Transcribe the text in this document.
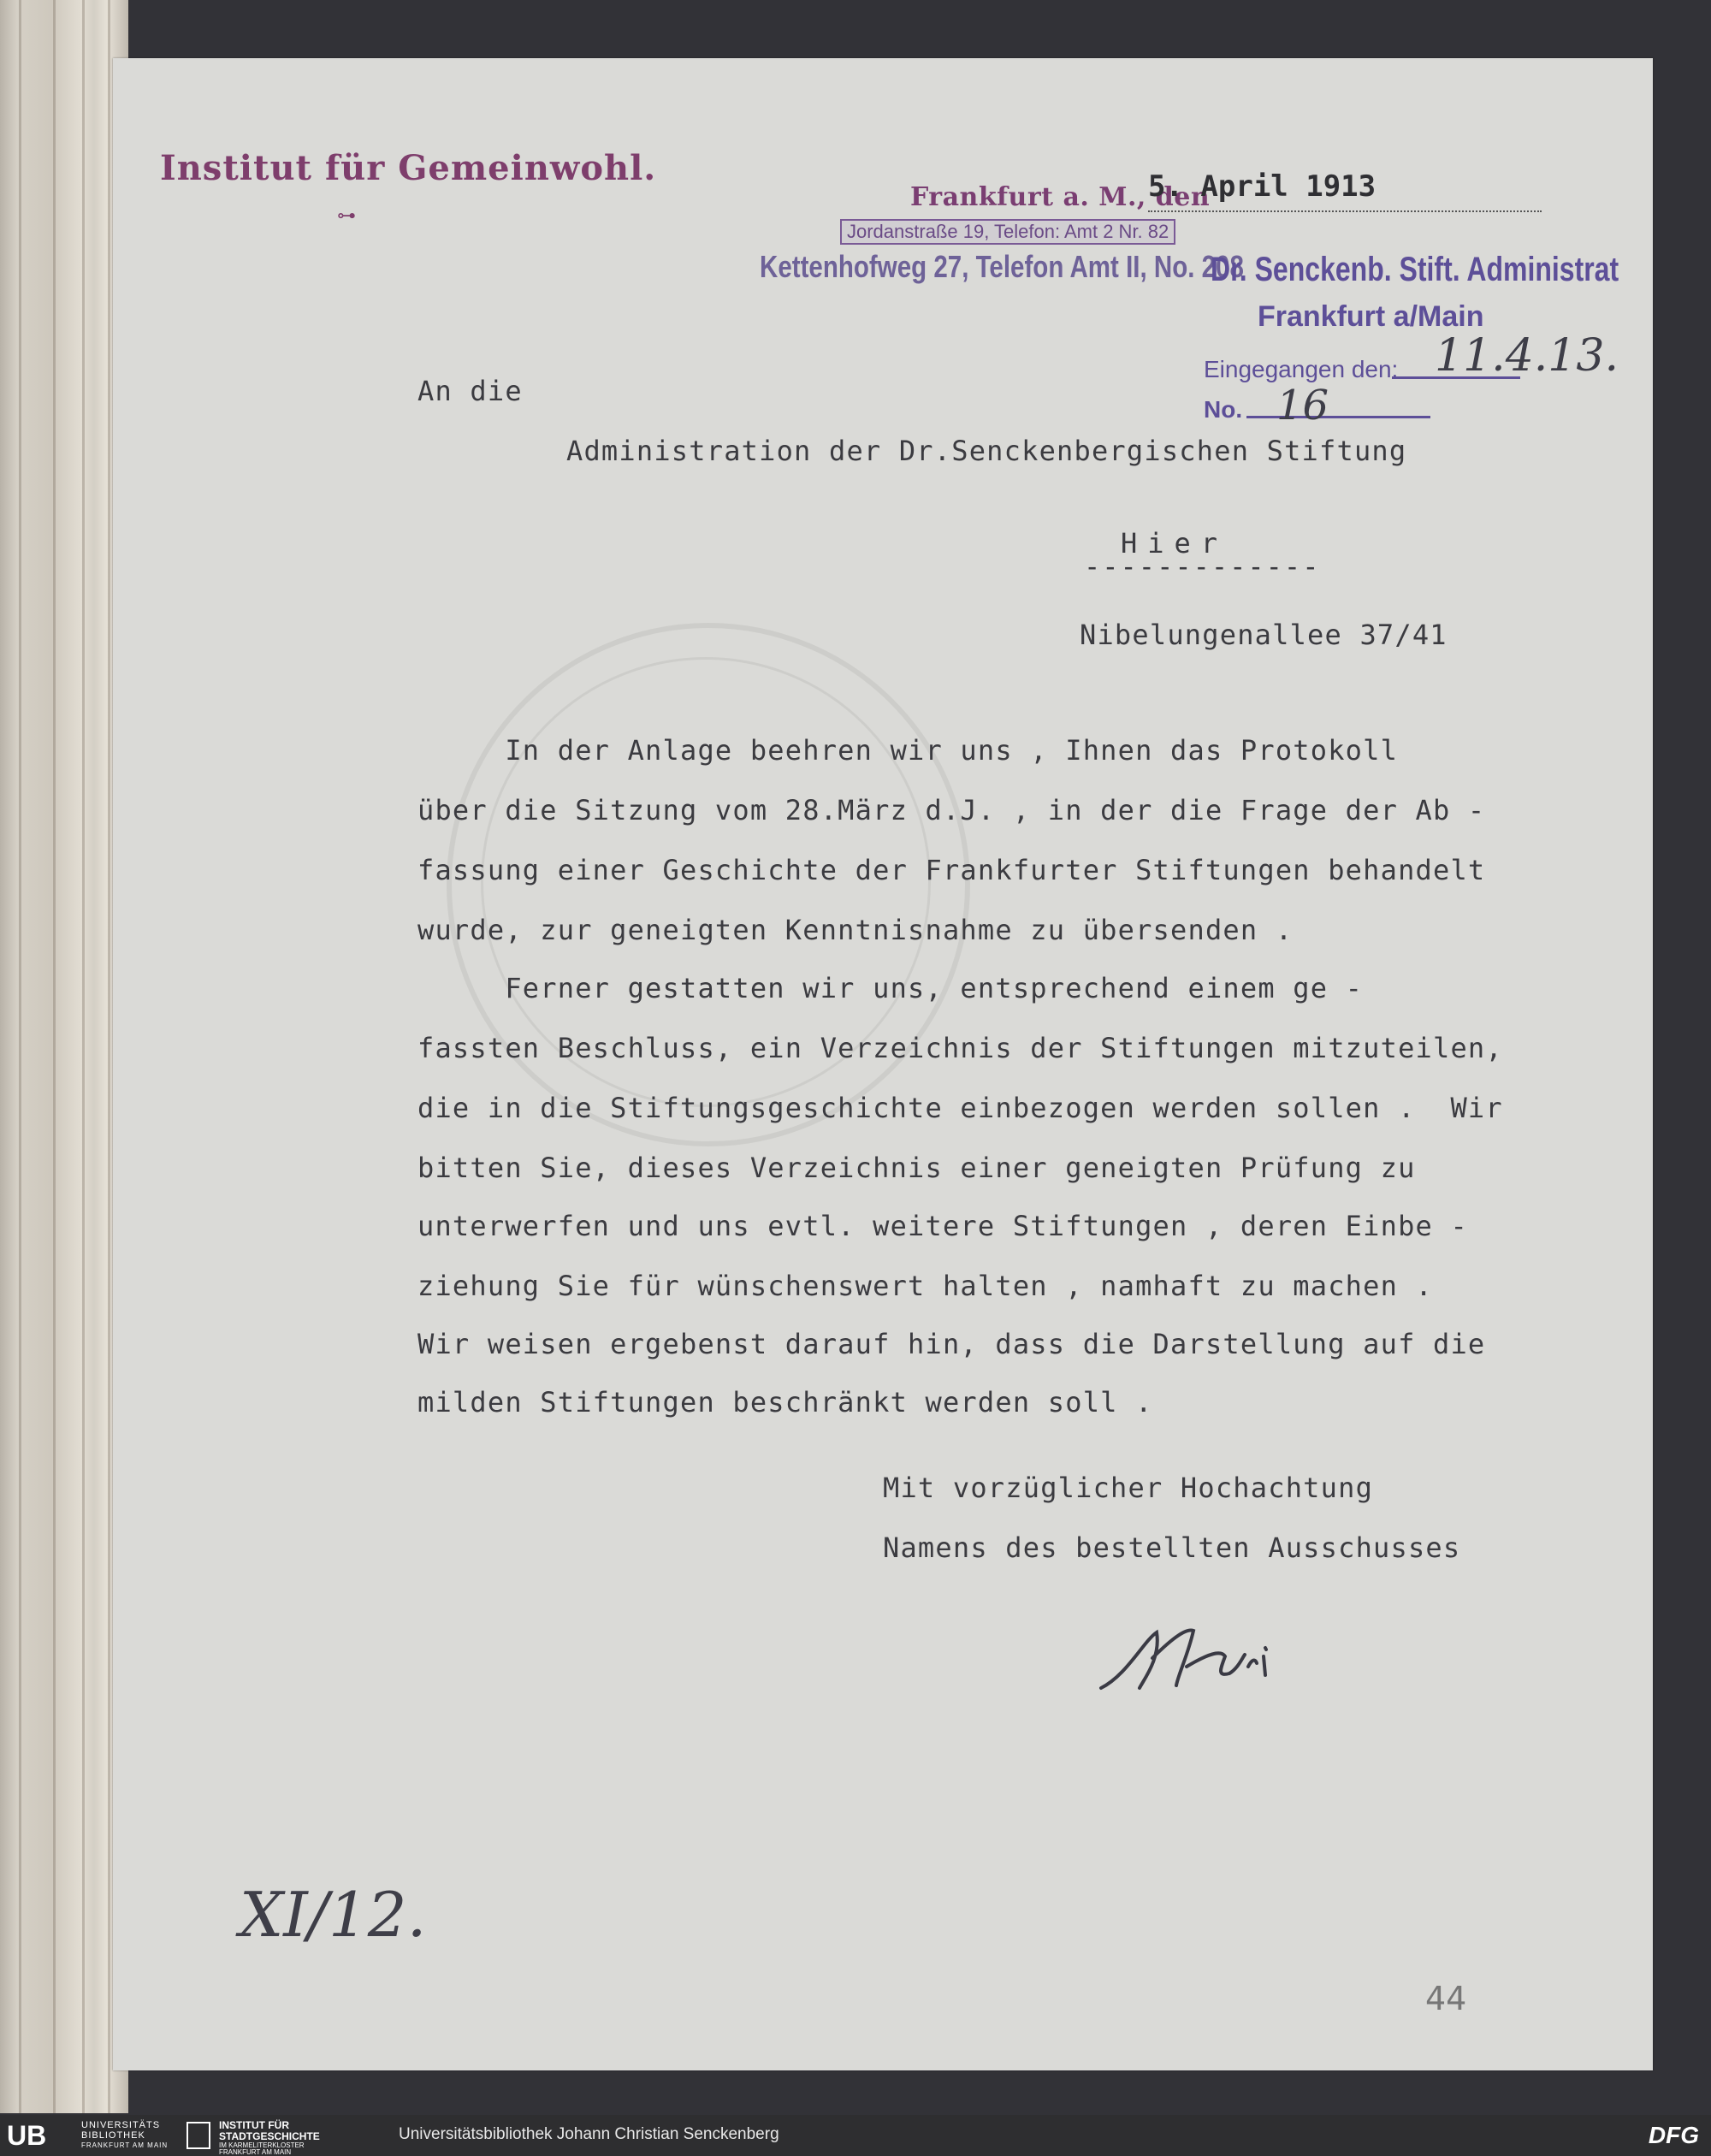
Institut für Gemeinwohl.
⊶
Frankfurt a. M., den
5. April 1913
Jordanstraße 19, Telefon: Amt 2 Nr. 82
Kettenhofweg 27, Telefon Amt II, No. 208
Dr. Senckenb. Stift. Administrat
Frankfurt a/Main
Eingegangen den: 11.4.13.
No. 16
An die
Administration der Dr.Senckenbergischen Stiftung
Hier
-------------
Nibelungenallee 37/41
In der Anlage beehren wir uns , Ihnen das Protokoll
über die Sitzung vom 28.März d.J. , in der die Frage der Ab -
fassung einer Geschichte der Frankfurter Stiftungen behandelt
wurde, zur geneigten Kenntnisnahme zu übersenden .
Ferner gestatten wir uns, entsprechend einem ge -
fassten Beschluss, ein Verzeichnis der Stiftungen mitzuteilen,
die in die Stiftungsgeschichte einbezogen werden sollen .  Wir
bitten Sie, dieses Verzeichnis einer geneigten Prüfung zu
unterwerfen und uns evtl. weitere Stiftungen , deren Einbe -
ziehung Sie für wünschenswert halten , namhaft zu machen .
Wir weisen ergebenst darauf hin, dass die Darstellung auf die
milden Stiftungen beschränkt werden soll .
Mit vorzüglicher Hochachtung
Namens des bestellten Ausschusses
XI/12.
44
UB	UNIVERSITÄTS
BIBLIOTHEK
FRANKFURT AM MAIN
INSTITUT FÜR
STADTGESCHICHTE
IM KARMELITERKLOSTER
FRANKFURT AM MAIN
Universitätsbibliothek Johann Christian Senckenberg	DFG
